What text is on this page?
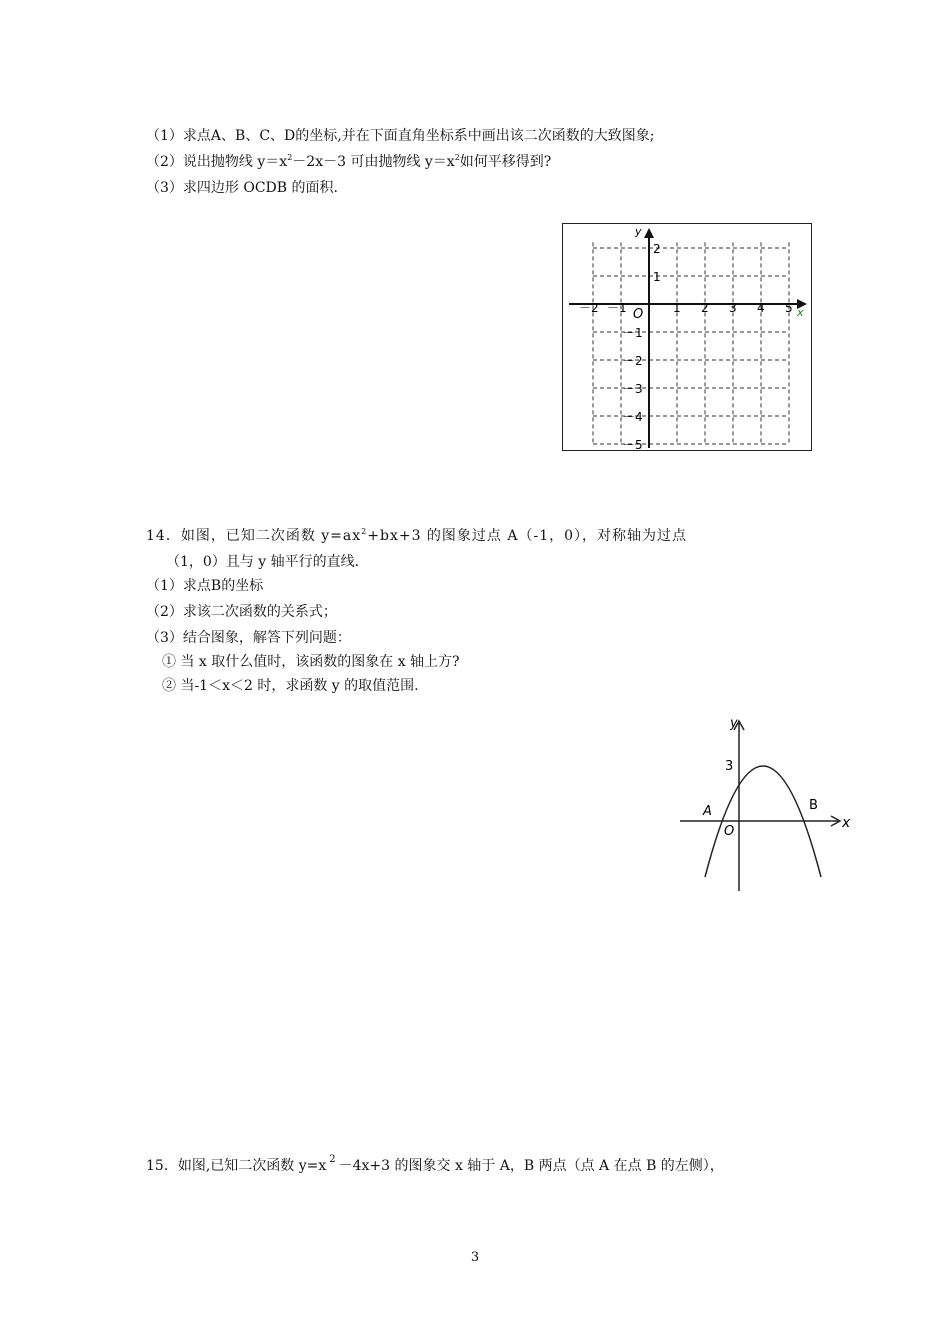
（1）求点A、B、C、D的坐标,并在下面直角坐标系中画出该二次函数的大致图象;
（2）说出抛物线 $y=x^2-2x-3$ 可由抛物线 $y=x^2$如何平移得到?
（3）求四边形 OCDB 的面积.
x
y
O
－2 －1	1 2 3 4 5
2
1
－1
－2
－3
－4
－5
14．如图，已知二次函数 $y=ax^2+bx+3$ 的图象过点 A（-1，0），对称轴为过点
（1，0）且与 y 轴平行的直线.
（1）求点B的坐标
（2）求该二次函数的关系式；
（3）结合图象，解答下列问题：
① 当 x 取什么值时，该函数的图象在 x 轴上方?
② 当-1＜x＜2 时，求函数 y 的取值范围.
x
y
O
A	B
3
15．如图,已知二次函数 y=x $^2$ －4x+3 的图象交 x 轴于 A，B 两点（点 A 在点 B 的左侧），
3
